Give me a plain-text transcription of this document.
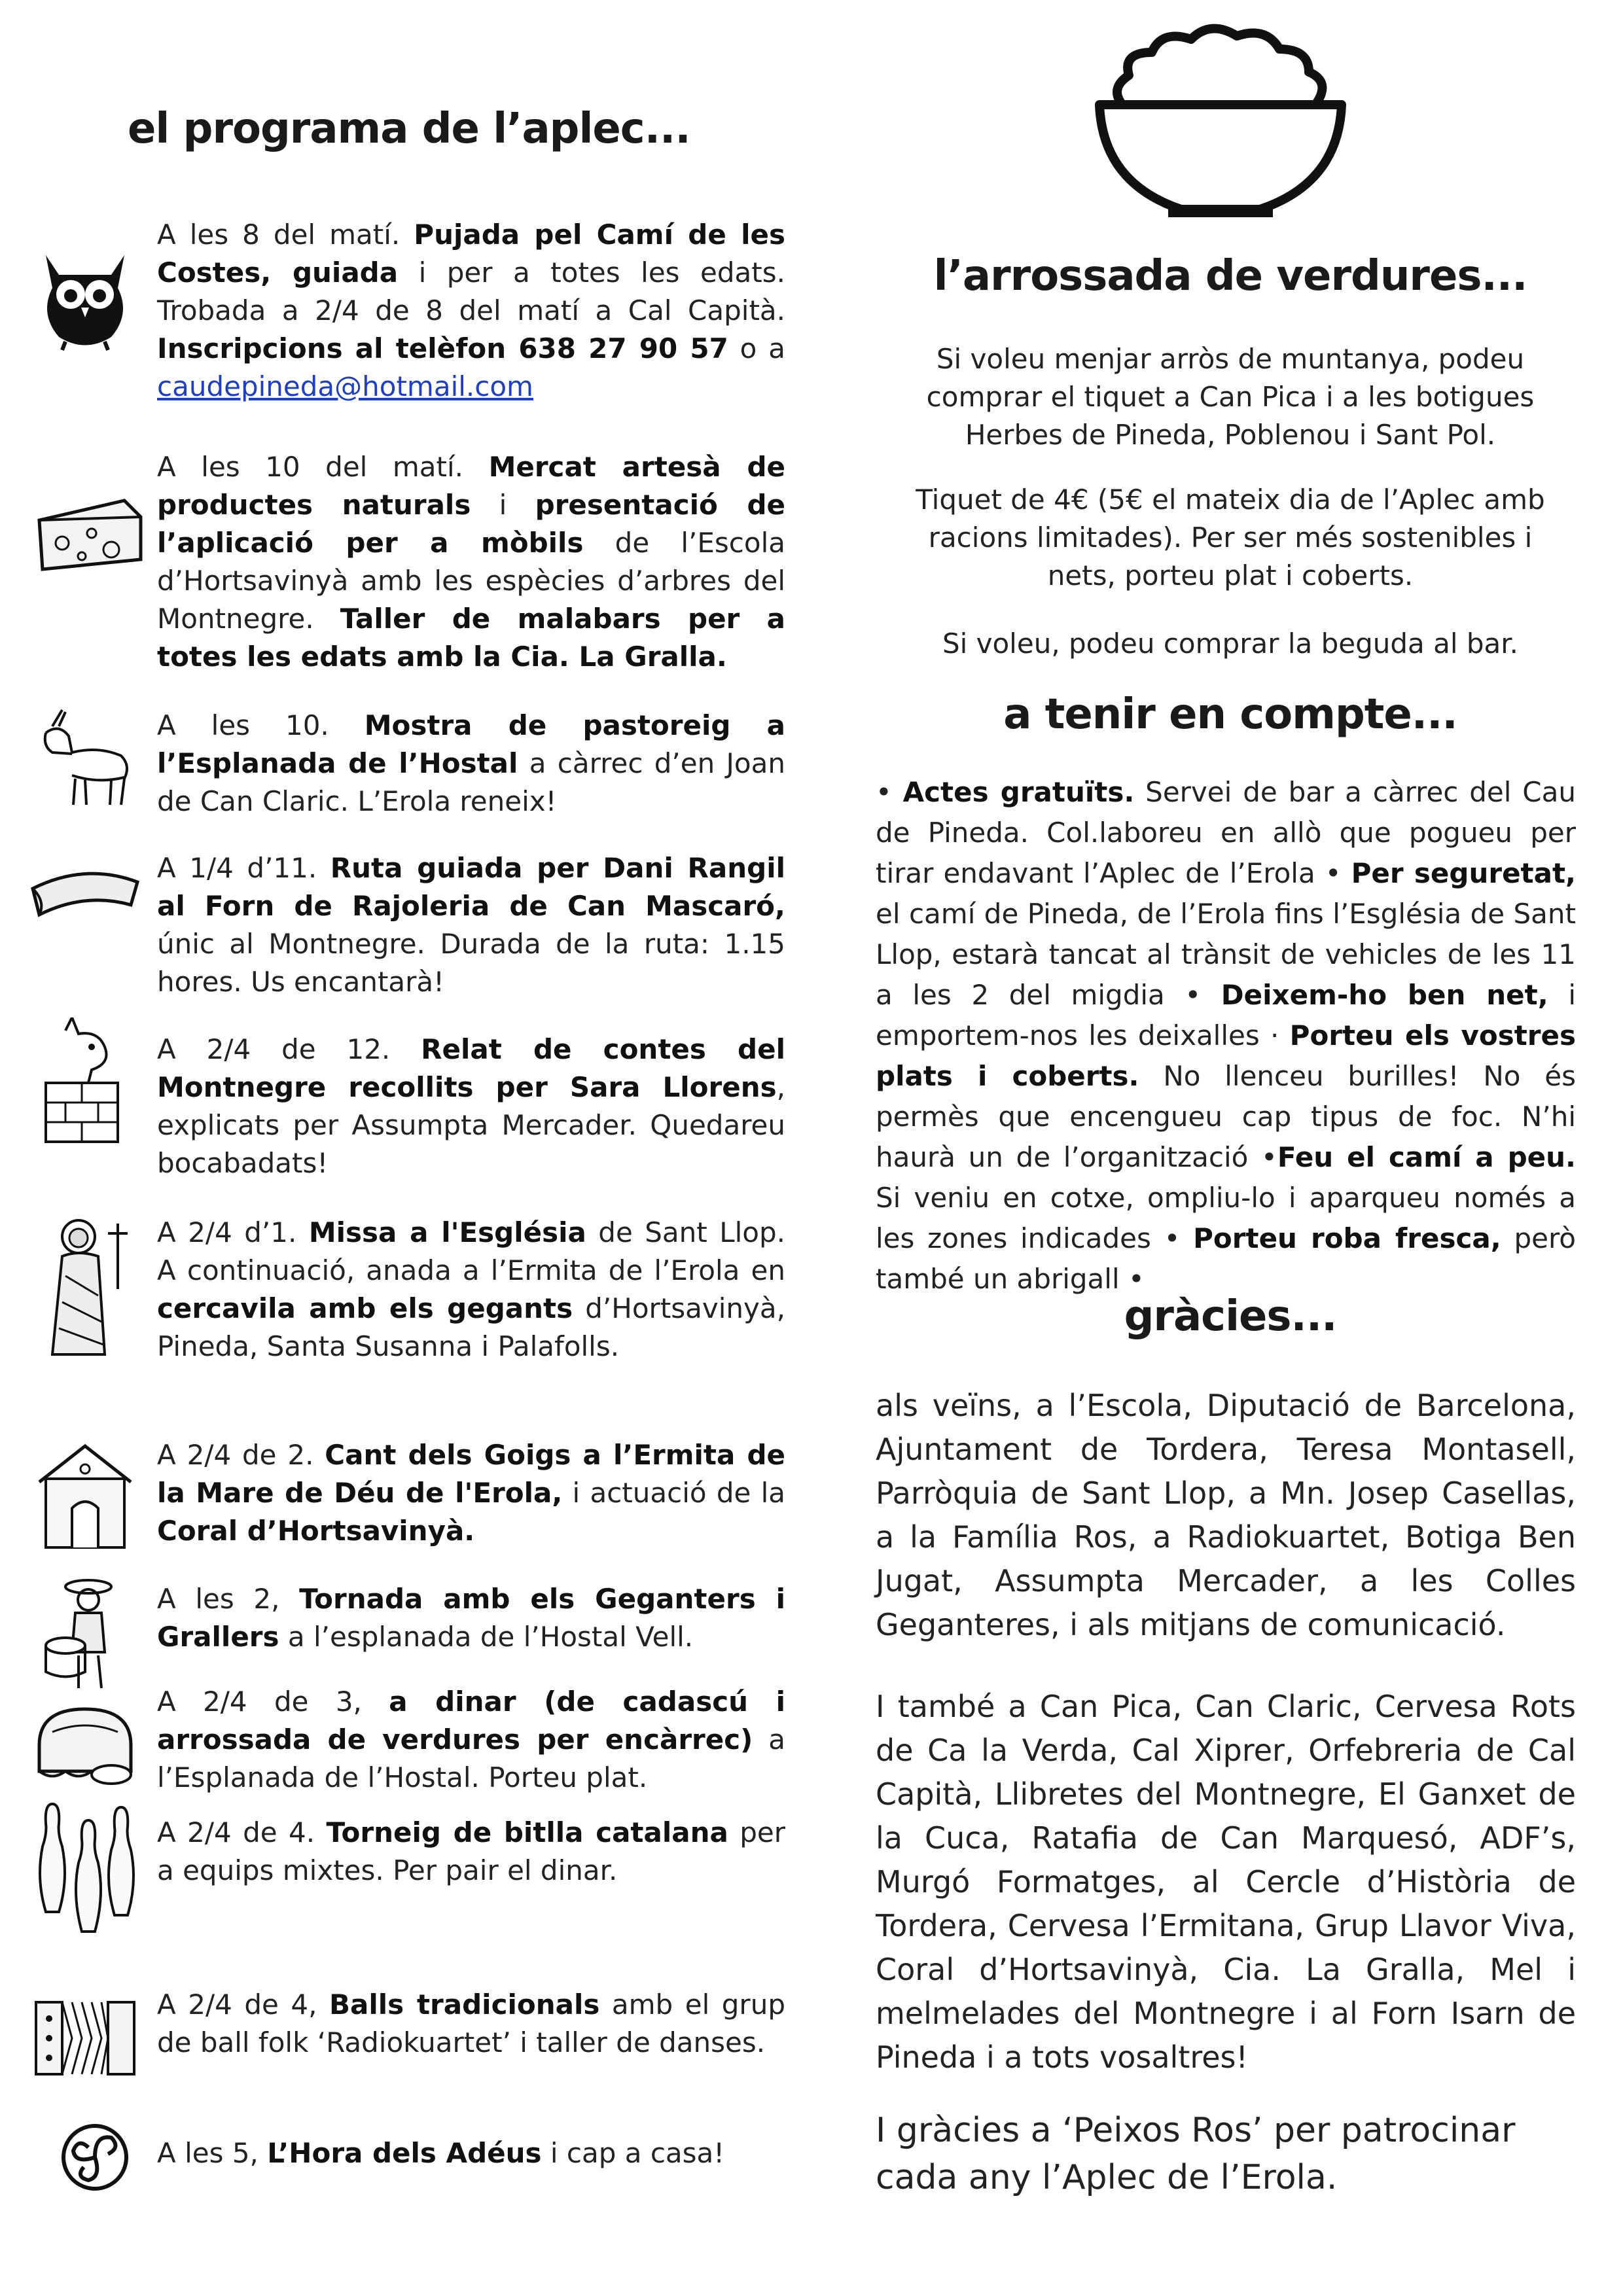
el programa de l’aplec...
A les 8 del matí. Pujada pel Camí de les Costes, guiada i per a totes les edats. Trobada a 2/4 de 8 del matí a Cal Capità. Inscripcions al telèfon 638 27 90 57 o a caudepineda@hotmail.com
A les 10 del matí. Mercat artesà de productes naturals i presentació de l’aplicació per a mòbils de l’Escola d’Hortsavinyà amb les espècies d’arbres del Montnegre. Taller de malabars per a totes les edats amb la Cia. La Gralla.
A les 10. Mostra de pastoreig a l’Esplanada de l’Hostal a càrrec d’en Joan de Can Claric. L’Erola reneix!
A 1/4 d’11. Ruta guiada per Dani Rangil al Forn de Rajoleria de Can Mascaró, únic al Montnegre. Durada de la ruta: 1.15 hores. Us encantarà!
A 2/4 de 12. Relat de contes del Montnegre recollits per Sara Llorens, explicats per Assumpta Mercader. Quedareu bocabadats!
A 2/4 d’1. Missa a l'Església de Sant Llop. A continuació, anada a l’Ermita de l’Erola en cercavila amb els gegants d’Hortsavinyà, Pineda, Santa Susanna i Palafolls.
A 2/4 de 2. Cant dels Goigs a l’Ermita de la Mare de Déu de l'Erola, i actuació de la Coral d’Hortsavinyà.
A les 2, Tornada amb els Geganters i Grallers a l’esplanada de l’Hostal Vell.
A 2/4 de 3, a dinar (de cadascú i arrossada de verdures per encàrrec) a l’Esplanada de l’Hostal. Porteu plat.
A 2/4 de 4. Torneig de bitlla catalana per a equips mixtes. Per pair el dinar.
A 2/4 de 4, Balls tradicionals amb el grup de ball folk ‘Radiokuartet’ i taller de danses.
A les 5, L’Hora dels Adéus i cap a casa!
l’arrossada de verdures...

Si voleu menjar arròs de muntanya, podeu comprar el tiquet a Can Pica i a les botigues Herbes de Pineda, Poblenou i Sant Pol.

Tiquet de 4€ (5€ el mateix dia de l’Aplec amb racions limitades). Per ser més sostenibles i nets, porteu plat i coberts.

Si voleu, podeu comprar la beguda al bar.

a tenir en compte...

• Actes gratuïts. Servei de bar a càrrec del Cau de Pineda. Col.laboreu en allò que pogueu per tirar endavant l’Aplec de l’Erola • Per seguretat, el camí de Pineda, de l’Erola fins l’Església de Sant Llop, estarà tancat al trànsit de vehicles de les 11 a les 2 del migdia • Deixem-ho ben net, i emportem-nos les deixalles · Porteu els vostres plats i coberts. No llenceu burilles! No és permès que encengueu cap tipus de foc. N’hi haurà un de l’organització •Feu el camí a peu. Si veniu en cotxe, ompliu-lo i aparqueu només a les zones indicades • Porteu roba fresca, però també un abrigall •

gràcies...

als veïns, a l’Escola, Diputació de Barcelona, Ajuntament de Tordera, Teresa Montasell, Parròquia de Sant Llop, a Mn. Josep Casellas, a la Família Ros, a Radiokuartet, Botiga Ben Jugat, Assumpta Mercader, a les Colles Geganteres, i als mitjans de comunicació.

I també a Can Pica, Can Claric, Cervesa Rots de Ca la Verda, Cal Xiprer, Orfebreria de Cal Capità, Llibretes del Montnegre, El Ganxet de la Cuca, Ratafia de Can Marquesó, ADF’s, Murgó Formatges, al Cercle d’Història de Tordera, Cervesa l’Ermitana, Grup Llavor Viva, Coral d’Hortsavinyà, Cia. La Gralla, Mel i melmelades del Montnegre i al Forn Isarn de Pineda i a tots vosaltres!

I gràcies a ‘Peixos Ros’ per patrocinar cada any l’Aplec de l’Erola.
